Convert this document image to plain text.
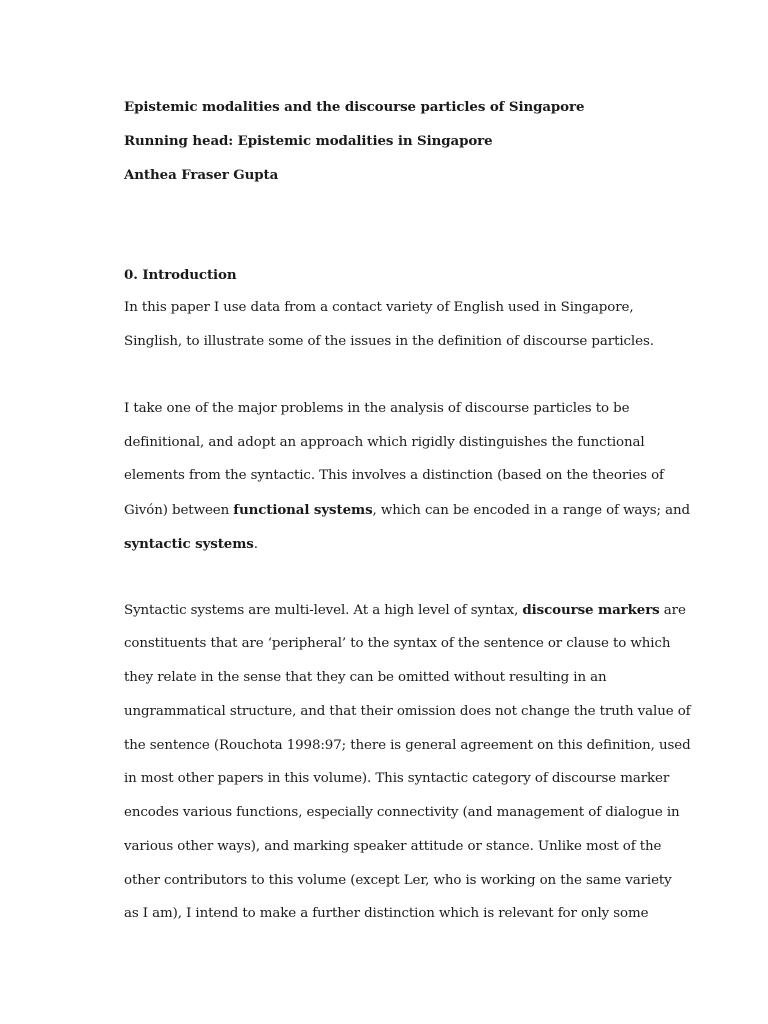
Epistemic modalities and the discourse particles of Singapore
Running head: Epistemic modalities in Singapore
Anthea Fraser Gupta
0. Introduction
In this paper I use data from a contact variety of English used in Singapore,
Singlish, to illustrate some of the issues in the definition of discourse particles.
I take one of the major problems in the analysis of discourse particles to be
definitional, and adopt an approach which rigidly distinguishes the functional
elements from the syntactic. This involves a distinction (based on the theories of
Givón) between functional systems, which can be encoded in a range of ways; and
syntactic systems.
Syntactic systems are multi-level. At a high level of syntax, discourse markers are
constituents that are ‘peripheral’ to the syntax of the sentence or clause to which
they relate in the sense that they can be omitted without resulting in an
ungrammatical structure, and that their omission does not change the truth value of
the sentence (Rouchota 1998:97; there is general agreement on this definition, used
in most other papers in this volume). This syntactic category of discourse marker
encodes various functions, especially connectivity (and management of dialogue in
various other ways), and marking speaker attitude or stance. Unlike most of the
other contributors to this volume (except Ler, who is working on the same variety
as I am), I intend to make a further distinction which is relevant for only some
